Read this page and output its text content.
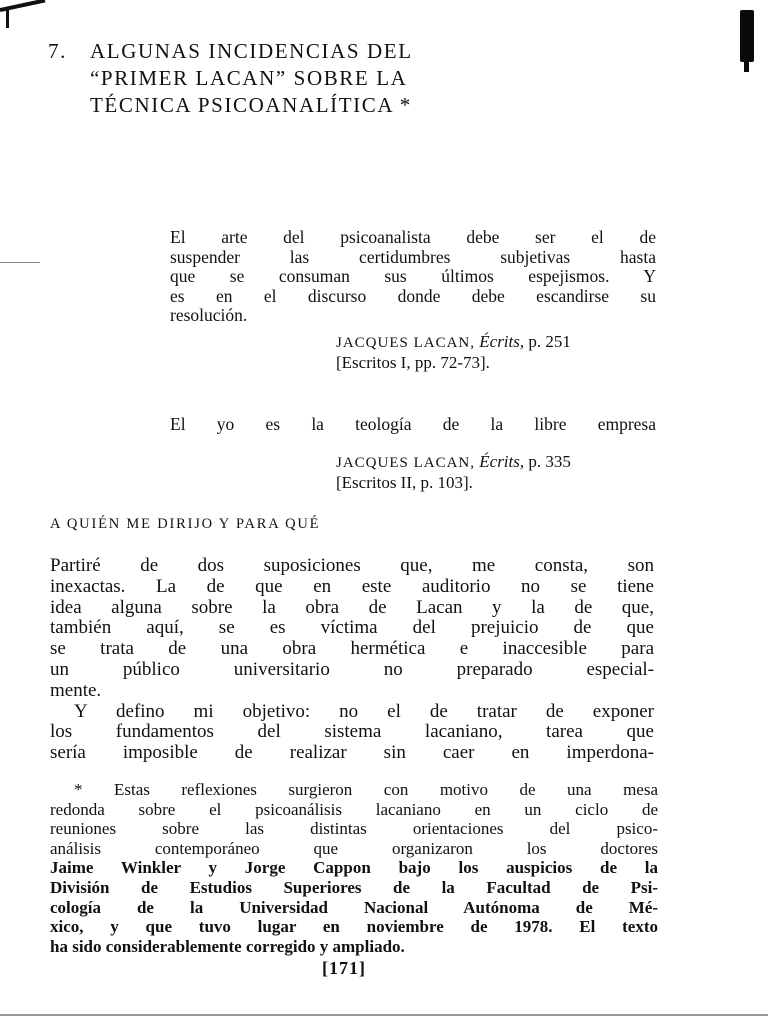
7. ALGUNAS INCIDENCIAS DEL
“PRIMER LACAN” SOBRE LA
TÉCNICA PSICOANALÍTICA *
El arte del psicoanalista debe ser el de
suspender las certidumbres subjetivas hasta
que se consuman sus últimos espejismos. Y
es en el discurso donde debe escandirse su
resolución.
JACQUES LACAN, Écrits, p. 251
[Escritos I, pp. 72-73].
El yo es la teología de la libre empresa
JACQUES LACAN, Écrits, p. 335
[Escritos II, p. 103].
A QUIÉN ME DIRIJO Y PARA QUÉ
Partiré de dos suposiciones que, me consta, son
inexactas. La de que en este auditorio no se tiene
idea alguna sobre la obra de Lacan y la de que,
también aquí, se es víctima del prejuicio de que
se trata de una obra hermética e inaccesible para
un público universitario no preparado especial-
mente.
Y defino mi objetivo: no el de tratar de exponer
los fundamentos del sistema lacaniano, tarea que
sería imposible de realizar sin caer en imperdona-
* Estas reflexiones surgieron con motivo de una mesa
redonda sobre el psicoanálisis lacaniano en un ciclo de
reuniones sobre las distintas orientaciones del psico-
análisis contemporáneo que organizaron los doctores
Jaime Winkler y Jorge Cappon bajo los auspicios de la
División de Estudios Superiores de la Facultad de Psi-
cología de la Universidad Nacional Autónoma de Mé-
xico, y que tuvo lugar en noviembre de 1978. El texto
ha sido considerablemente corregido y ampliado.
[171]
